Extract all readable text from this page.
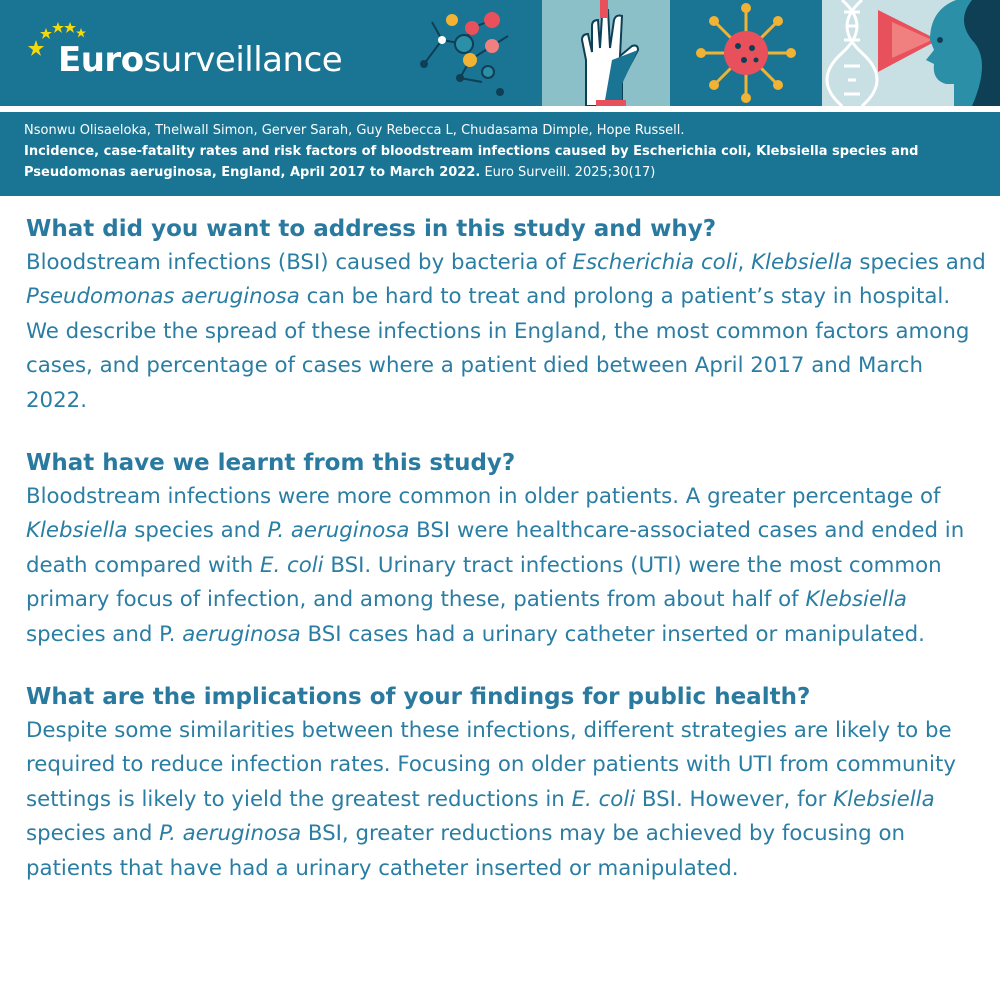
Eurosurveillance
Nsonwu Olisaeloka, Thelwall Simon, Gerver Sarah, Guy Rebecca L, Chudasama Dimple, Hope Russell.
Incidence, case-fatality rates and risk factors of bloodstream infections caused by Escherichia coli, Klebsiella species and
Pseudomonas aeruginosa, England, April 2017 to March 2022. Euro Surveill. 2025;30(17)
What did you want to address in this study and why?

Bloodstream infections (BSI) caused by bacteria of Escherichia coli, Klebsiella species and Pseudomonas aeruginosa can be hard to treat and prolong a patient’s stay in hospital. We describe the spread of these infections in England, the most common factors among cases, and percentage of cases where a patient died between April 2017 and March 2022.

What have we learnt from this study?

Bloodstream infections were more common in older patients. A greater percentage of Klebsiella species and P. aeruginosa BSI were healthcare-associated cases and ended in death compared with E. coli BSI. Urinary tract infections (UTI) were the most common primary focus of infection, and among these, patients from about half of Klebsiella species and P. aeruginosa BSI cases had a urinary catheter inserted or manipulated.

What are the implications of your findings for public health?

Despite some similarities between these infections, different strategies are likely to be required to reduce infection rates. Focusing on older patients with UTI from community settings is likely to yield the greatest reductions in E. coli BSI. However, for Klebsiella species and P. aeruginosa BSI, greater reductions may be achieved by focusing on patients that have had a urinary catheter inserted or manipulated.
